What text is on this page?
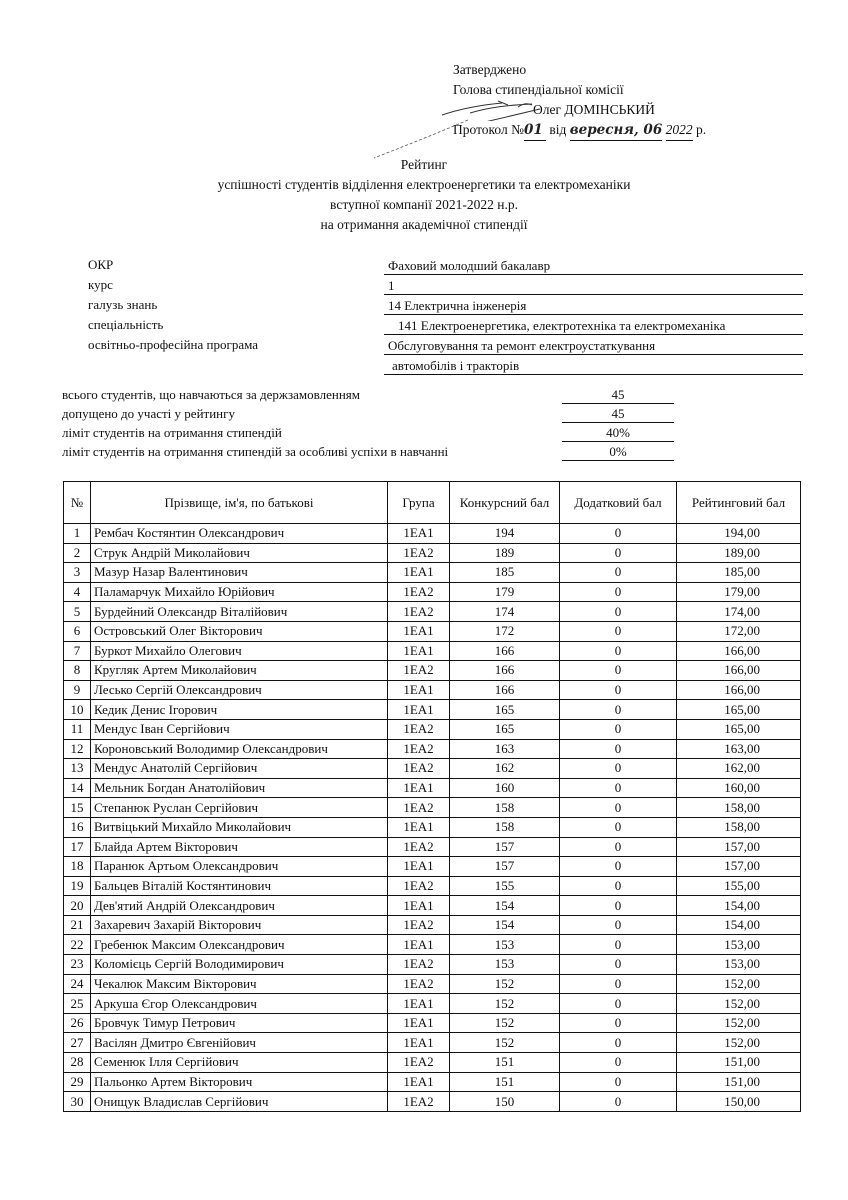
Затверджено
Голова стипендіальної комісії
Олег ДОМІНСЬКИЙ
Протокол №01 від вересня, 06 2022 р.
Рейтинг
успішності студентів відділення електроенергетики та електромеханіки
вступної компанії 2021-2022 н.р.
на отримання академічної стипендії
ОКР	Фаховий молодший бакалавр
курс	1
галузь знань	14 Електрична інженерія
спеціальність	141 Електроенергетика, електротехніка та електромеханіка
освітньо-професійна програма	Обслуговування та ремонт електроустаткування
автомобілів і тракторів
всього студентів, що навчаються за держзамовленням	45
допущено до участі у рейтингу	45
ліміт студентів на отримання стипендій	40%
ліміт студентів на отримання стипендій за особливі успіхи в навчанні	0%
№	Прізвище, ім'я, по батькові	Група	Конкурсний бал	Додатковий бал	Рейтинговий бал
1	Рембач Костянтин Олександрович	1ЕА1	194	0	194,00
2	Струк Андрій Миколайович	1ЕА2	189	0	189,00
3	Мазур Назар Валентинович	1ЕА1	185	0	185,00
4	Паламарчук Михайло Юрійович	1ЕА2	179	0	179,00
5	Бурдейний Олександр Віталійович	1ЕА2	174	0	174,00
6	Островський Олег Вікторович	1ЕА1	172	0	172,00
7	Буркот Михайло Олегович	1ЕА1	166	0	166,00
8	Кругляк Артем Миколайович	1ЕА2	166	0	166,00
9	Лесько Сергій Олександрович	1ЕА1	166	0	166,00
10	Кедик Денис Ігорович	1ЕА1	165	0	165,00
11	Мендус Іван Сергійович	1ЕА2	165	0	165,00
12	Короновський Володимир Олександрович	1ЕА2	163	0	163,00
13	Мендус Анатолій Сергійович	1ЕА2	162	0	162,00
14	Мельник Богдан Анатолійович	1ЕА1	160	0	160,00
15	Степанюк Руслан Сергійович	1ЕА2	158	0	158,00
16	Витвіцький Михайло Миколайович	1ЕА1	158	0	158,00
17	Блайда Артем Вікторович	1ЕА2	157	0	157,00
18	Паранюк Артьом Олександрович	1ЕА1	157	0	157,00
19	Бальцев Віталій Костянтинович	1ЕА2	155	0	155,00
20	Дев'ятий Андрій Олександрович	1ЕА1	154	0	154,00
21	Захаревич Захарій Вікторович	1ЕА2	154	0	154,00
22	Гребенюк Максим Олександрович	1ЕА1	153	0	153,00
23	Коломієць Сергій Володимирович	1ЕА2	153	0	153,00
24	Чекалюк Максим Вікторович	1ЕА2	152	0	152,00
25	Аркуша Єгор Олександрович	1ЕА1	152	0	152,00
26	Бровчук Тимур Петрович	1ЕА1	152	0	152,00
27	Васілян Дмитро Євгенійович	1ЕА1	152	0	152,00
28	Семенюк Ілля Сергійович	1ЕА2	151	0	151,00
29	Пальонко Артем Вікторович	1ЕА1	151	0	151,00
30	Онищук Владислав Сергійович	1ЕА2	150	0	150,00
